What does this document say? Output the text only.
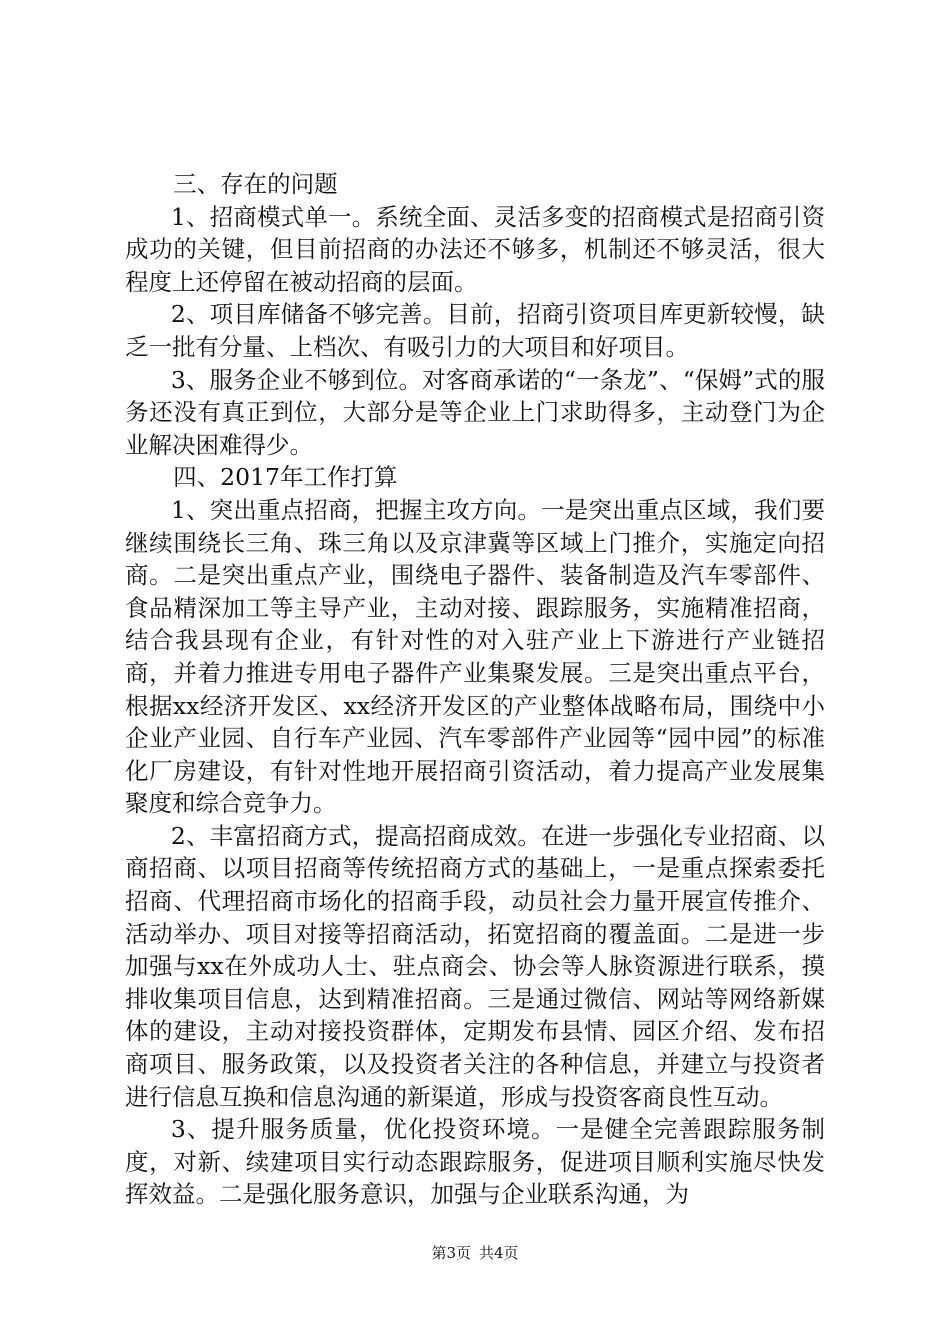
三、存在的问题

1、招商模式单一。系统全面、灵活多变的招商模式是招商引资成功的关键，但目前招商的办法还不够多，机制还不够灵活，很大程度上还停留在被动招商的层面。

2、项目库储备不够完善。目前，招商引资项目库更新较慢，缺乏一批有分量、上档次、有吸引力的大项目和好项目。

3、服务企业不够到位。对客商承诺的“一条龙”、“保姆”式的服务还没有真正到位，大部分是等企业上门求助得多，主动登门为企业解决困难得少。

四、2017年工作打算

1、突出重点招商，把握主攻方向。一是突出重点区域，我们要继续围绕长三角、珠三角以及京津冀等区域上门推介，实施定向招商。二是突出重点产业，围绕电子器件、装备制造及汽车零部件、食品精深加工等主导产业，主动对接、跟踪服务，实施精准招商，结合我县现有企业，有针对性的对入驻产业上下游进行产业链招商，并着力推进专用电子器件产业集聚发展。三是突出重点平台，根据xx经济开发区、xx经济开发区的产业整体战略布局，围绕中小企业产业园、自行车产业园、汽车零部件产业园等“园中园”的标准化厂房建设，有针对性地开展招商引资活动，着力提高产业发展集聚度和综合竞争力。

2、丰富招商方式，提高招商成效。在进一步强化专业招商、以商招商、以项目招商等传统招商方式的基础上，一是重点探索委托招商、代理招商市场化的招商手段，动员社会力量开展宣传推介、活动举办、项目对接等招商活动，拓宽招商的覆盖面。二是进一步加强与xx在外成功人士、驻点商会、协会等人脉资源进行联系，摸排收集项目信息，达到精准招商。三是通过微信、网站等网络新媒体的建设，主动对接投资群体，定期发布县情、园区介绍、发布招商项目、服务政策，以及投资者关注的各种信息，并建立与投资者进行信息互换和信息沟通的新渠道，形成与投资客商良性互动。

3、提升服务质量，优化投资环境。一是健全完善跟踪服务制度，对新、续建项目实行动态跟踪服务，促进项目顺利实施尽快发挥效益。二是强化服务意识，加强与企业联系沟通，为

第3页 共4页
